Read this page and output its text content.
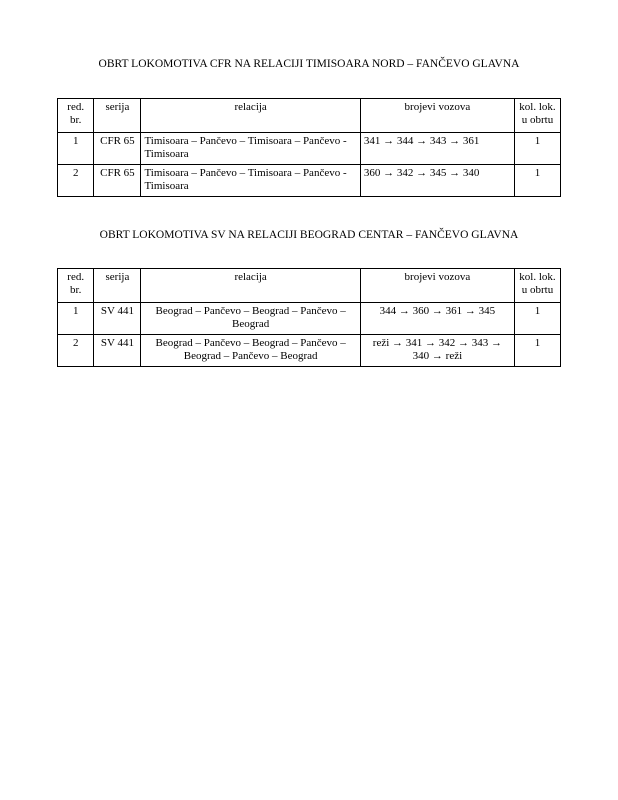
OBRT LOKOMOTIVA CFR NA RELACIJI TIMISOARA NORD – FANČEVO GLAVNA
red. br.	serija	relacija	brojevi vozova	kol. lok.
u obrtu
1	CFR 65	Timisoara – Pančevo – Timisoara – Pančevo - Timisoara	341 → 344 → 343 → 361	1
2	CFR 65	Timisoara – Pančevo – Timisoara – Pančevo - Timisoara	360 → 342 → 345 → 340	1
OBRT LOKOMOTIVA SV NA RELACIJI BEOGRAD CENTAR – FANČEVO GLAVNA
red. br.	serija	relacija	brojevi vozova	kol. lok.
u obrtu
1	SV 441	Beograd – Pančevo – Beograd – Pančevo – Beograd	344 → 360 → 361 → 345	1
2	SV 441	Beograd – Pančevo – Beograd – Pančevo – Beograd – Pančevo – Beograd	reži → 341 → 342 → 343 → 340 → reži	1
